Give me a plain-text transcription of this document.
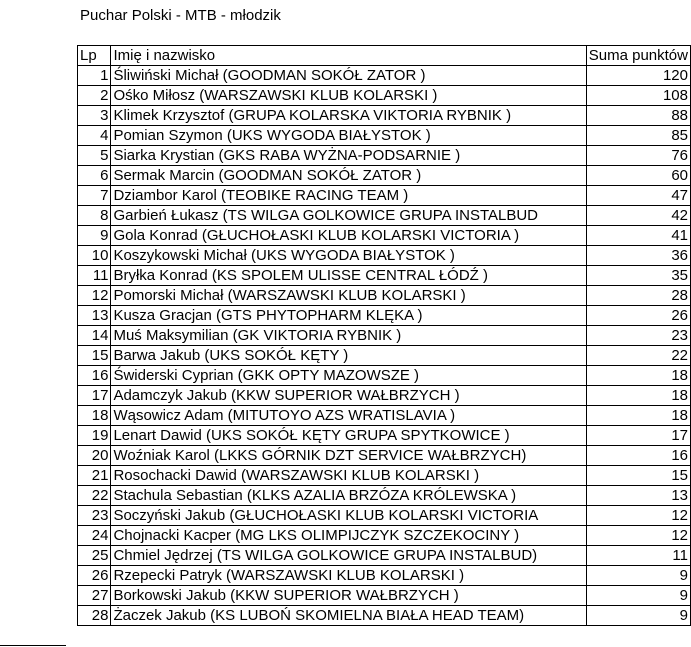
Puchar Polski - MTB - młodzik
Lp	Imię i nazwisko	Suma punktów
1	Śliwiński Michał (GOODMAN SOKÓŁ ZATOR )	120
2	Ośko Miłosz (WARSZAWSKI KLUB KOLARSKI )	108
3	Klimek Krzysztof (GRUPA KOLARSKA VIKTORIA RYBNIK )	88
4	Pomian Szymon (UKS WYGODA BIAŁYSTOK )	85
5	Siarka Krystian (GKS RABA WYŻNA-PODSARNIE )	76
6	Sermak Marcin (GOODMAN SOKÓŁ ZATOR )	60
7	Dziambor Karol (TEOBIKE RACING TEAM )	47
8	Garbień Łukasz (TS WILGA GOLKOWICE GRUPA INSTALBUD	42
9	Gola Konrad (GŁUCHOŁASKI KLUB KOLARSKI VICTORIA )	41
10	Koszykowski Michał (UKS WYGODA BIAŁYSTOK )	36
11	Bryłka Konrad (KS SPOLEM ULISSE CENTRAL ŁÓDŹ )	35
12	Pomorski Michał (WARSZAWSKI KLUB KOLARSKI )	28
13	Kusza Gracjan (GTS PHYTOPHARM KLĘKA )	26
14	Muś Maksymilian (GK VIKTORIA RYBNIK )	23
15	Barwa Jakub (UKS SOKÓŁ KĘTY )	22
16	Świderski Cyprian (GKK OPTY MAZOWSZE )	18
17	Adamczyk Jakub (KKW SUPERIOR WAŁBRZYCH )	18
18	Wąsowicz Adam (MITUTOYO AZS WRATISLAVIA )	18
19	Lenart Dawid (UKS SOKÓŁ KĘTY GRUPA SPYTKOWICE )	17
20	Woźniak Karol (LKKS GÓRNIK DZT SERVICE WAŁBRZYCH)	16
21	Rosochacki Dawid (WARSZAWSKI KLUB KOLARSKI )	15
22	Stachula Sebastian (KLKS AZALIA BRZÓZA KRÓLEWSKA )	13
23	Soczyński Jakub (GŁUCHOŁASKI KLUB KOLARSKI VICTORIA	12
24	Chojnacki Kacper (MG LKS OLIMPIJCZYK SZCZEKOCINY )	12
25	Chmiel Jędrzej (TS WILGA GOLKOWICE GRUPA INSTALBUD)	11
26	Rzepecki Patryk (WARSZAWSKI KLUB KOLARSKI )	9
27	Borkowski Jakub (KKW SUPERIOR WAŁBRZYCH )	9
28	Żaczek Jakub (KS LUBOŃ SKOMIELNA BIAŁA HEAD TEAM)	9
